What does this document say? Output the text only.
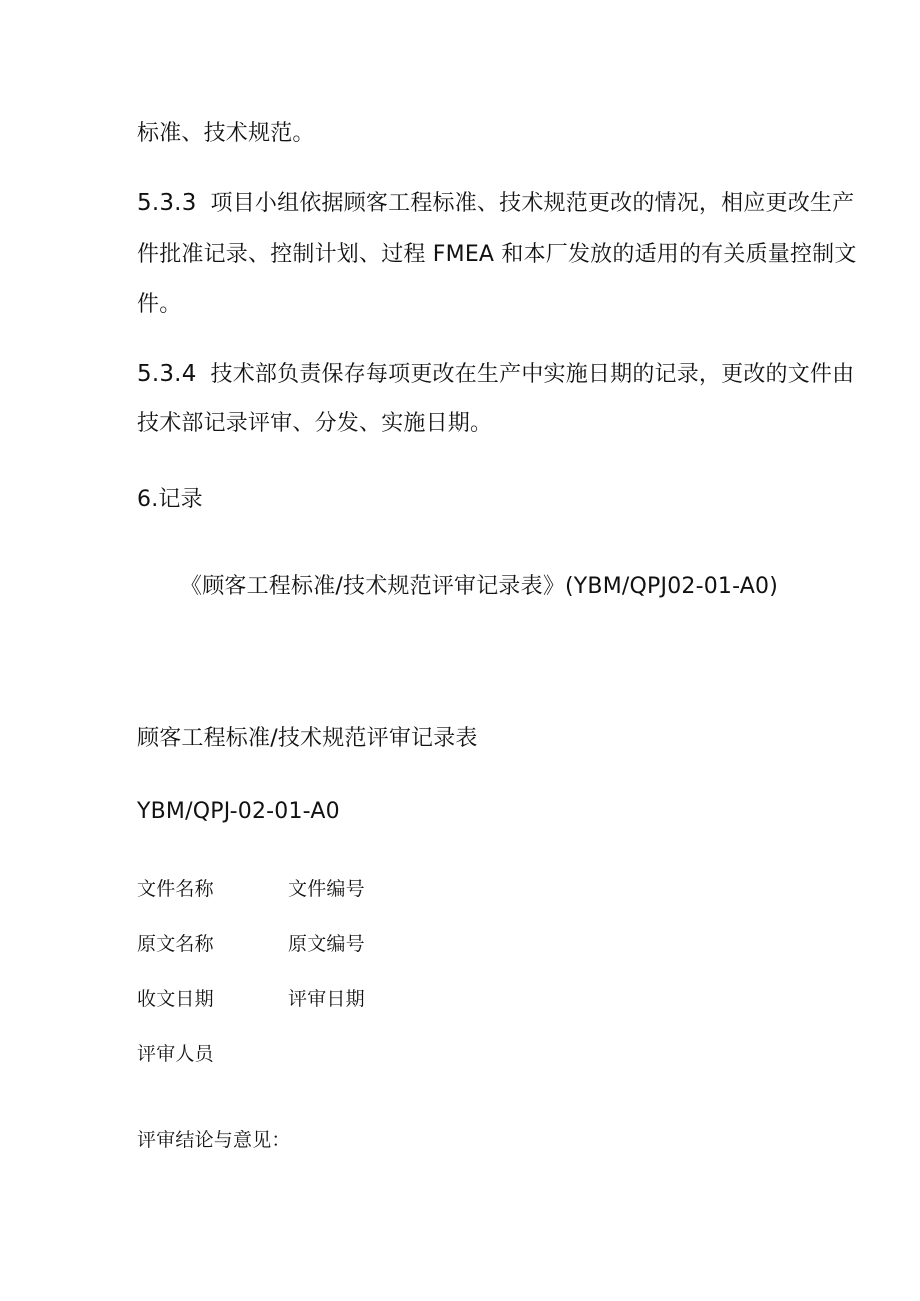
标准、技术规范。
5.3.3 项目小组依据顾客工程标准、技术规范更改的情况，相应更改生产
件批准记录、控制计划、过程 FMEA 和本厂发放的适用的有关质量控制文
件。
5.3.4 技术部负责保存每项更改在生产中实施日期的记录，更改的文件由
技术部记录评审、分发、实施日期。
6.记录
《顾客工程标准/技术规范评审记录表》(YBM/QPJ02-01-A0)
顾客工程标准/技术规范评审记录表
YBM/QPJ-02-01-A0
文件名称	文件编号
原文名称	原文编号
收文日期	评审日期
评审人员
评审结论与意见：
